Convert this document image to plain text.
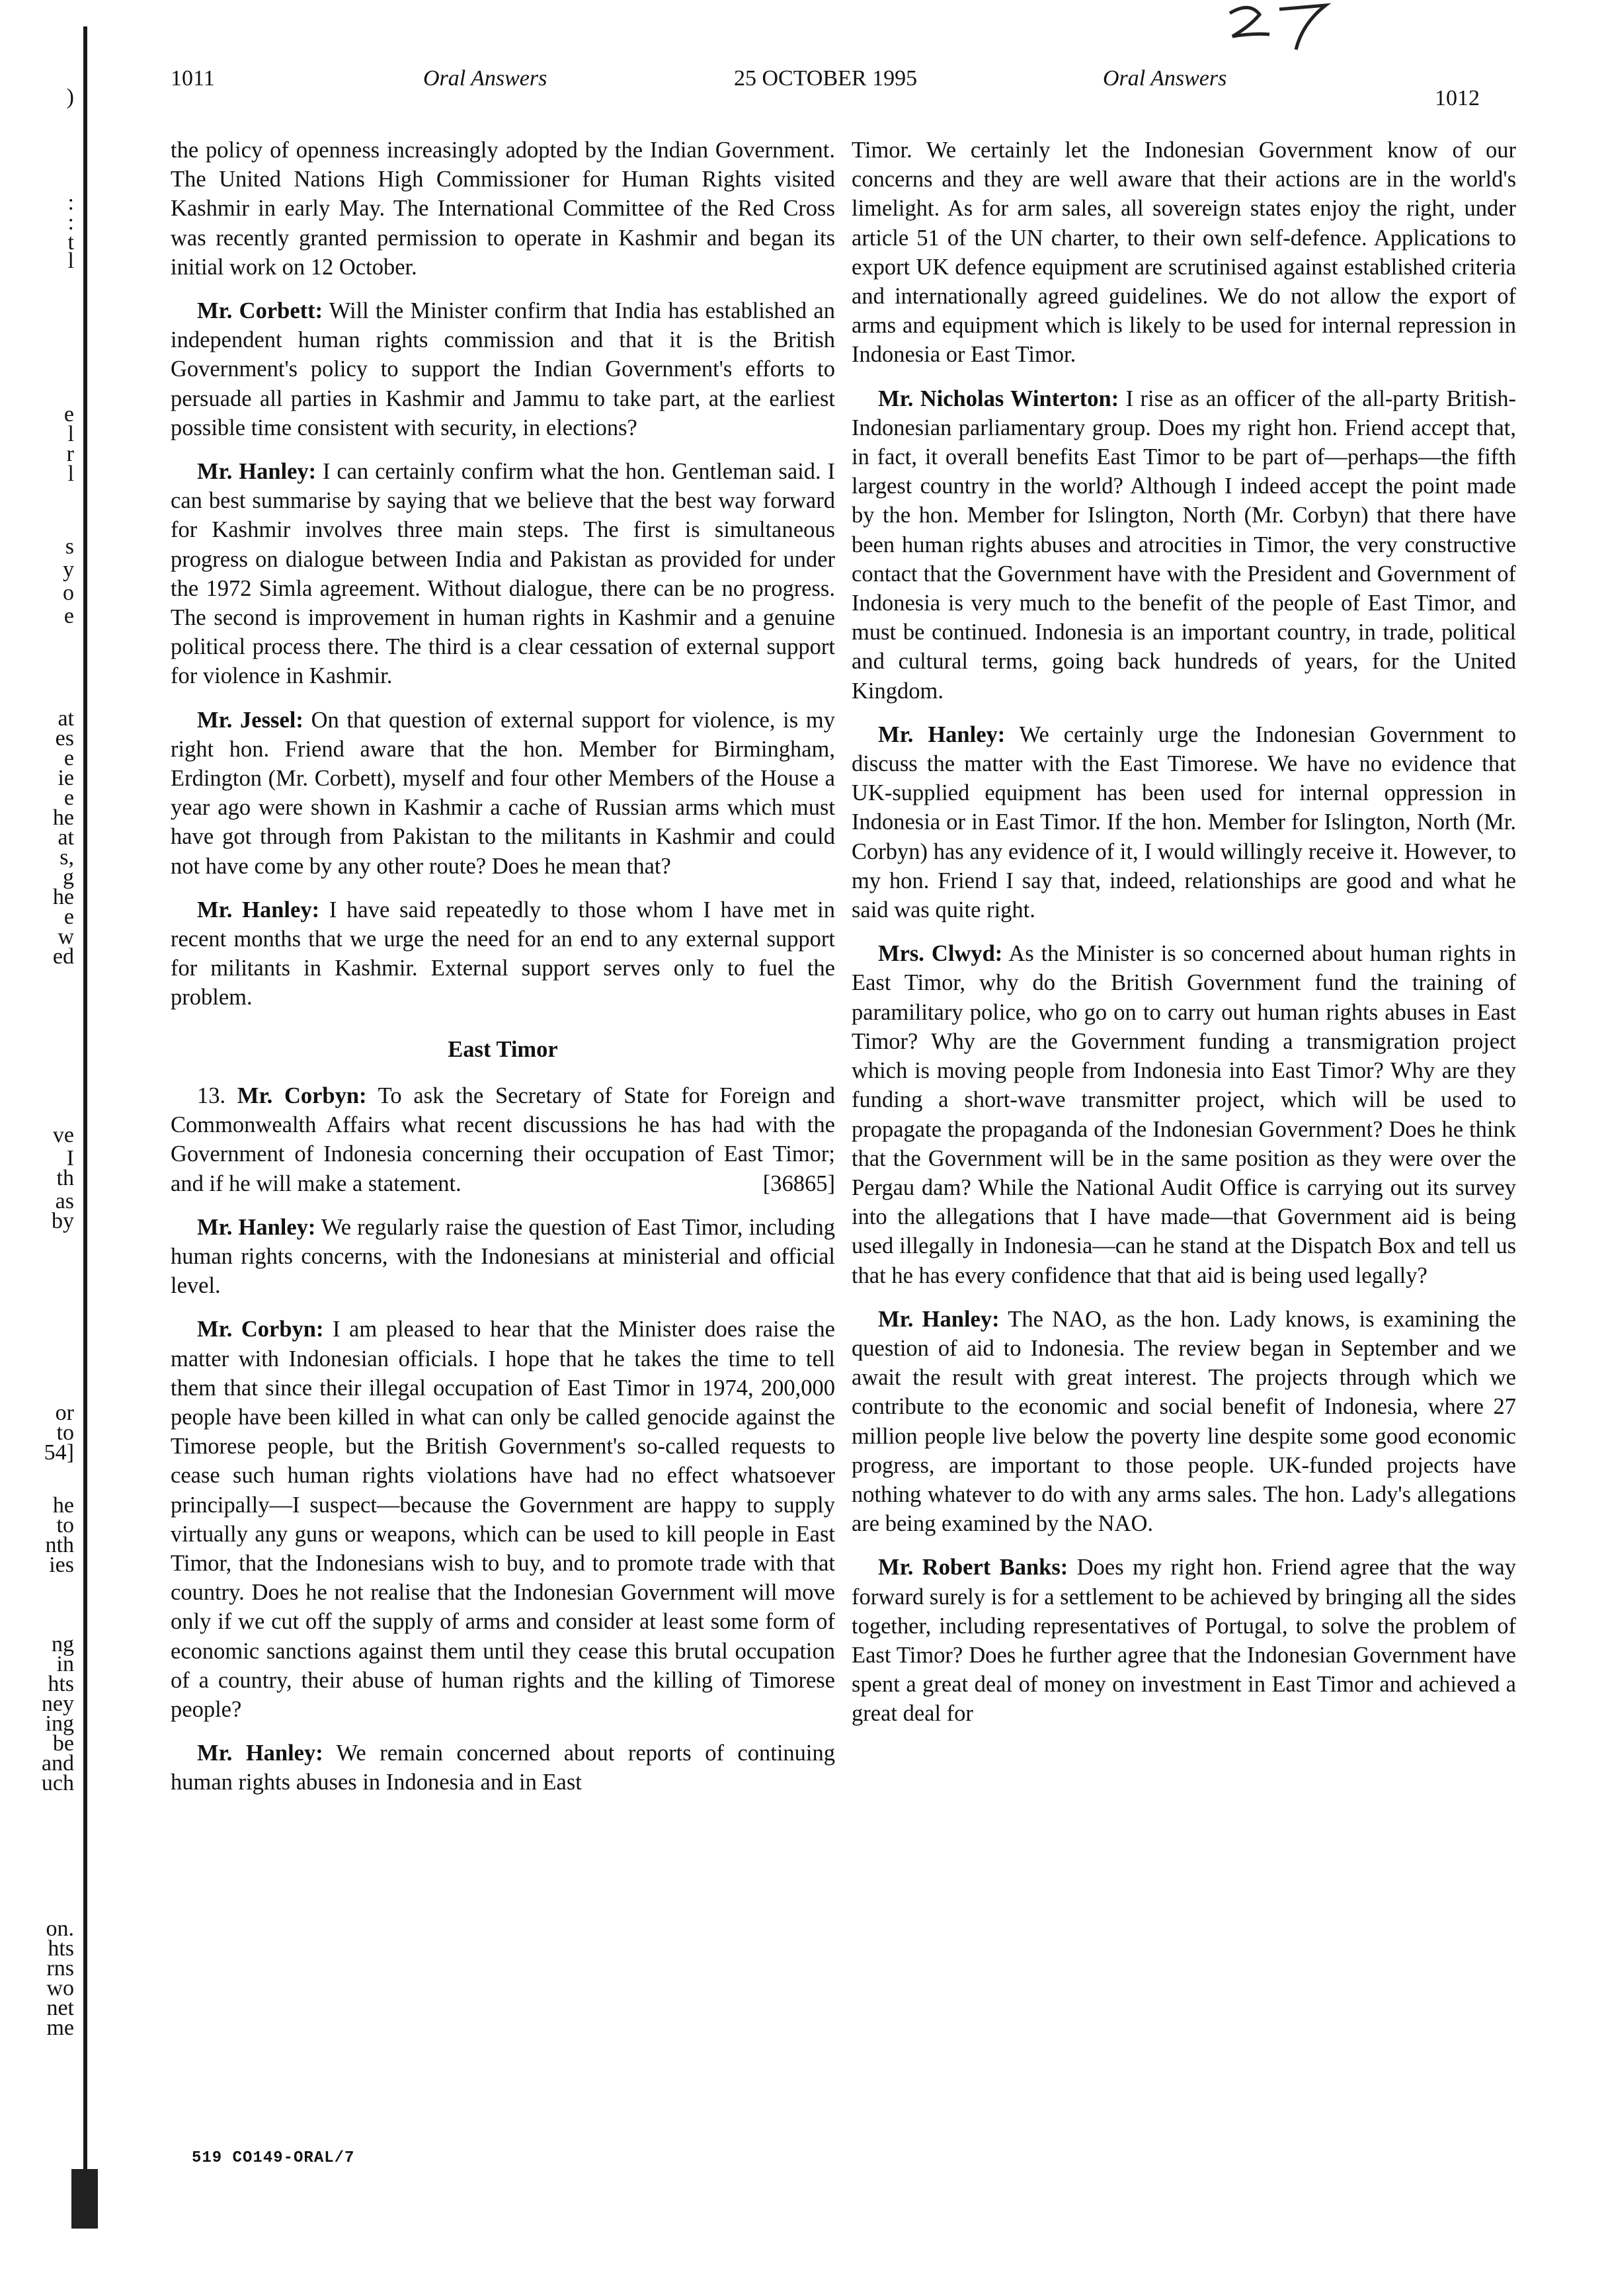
)
:
:
t
l
e
l
r
l
s
y
o
e
at
es
e
ie
e
he
at
s,
g
he
e
w
ed
ve
I
th
as
by
or
to
54]
he
to
nth
ies
ng
in
hts
ney
ing
be
and
uch
on.
hts
rns
wo
net
me
1011	Oral Answers	25 OCTOBER 1995	Oral Answers
1012

the policy of openness increasingly adopted by the Indian Government. The United Nations High Commissioner for Human Rights visited Kashmir in early May. The International Committee of the Red Cross was recently granted permission to operate in Kashmir and began its initial work on 12 October.

Mr. Corbett: Will the Minister confirm that India has established an independent human rights commission and that it is the British Government's policy to support the Indian Government's efforts to persuade all parties in Kashmir and Jammu to take part, at the earliest possible time consistent with security, in elections?

Mr. Hanley: I can certainly confirm what the hon. Gentleman said. I can best summarise by saying that we believe that the best way forward for Kashmir involves three main steps. The first is simultaneous progress on dialogue between India and Pakistan as provided for under the 1972 Simla agreement. Without dialogue, there can be no progress. The second is improvement in human rights in Kashmir and a genuine political process there. The third is a clear cessation of external support for violence in Kashmir.

Mr. Jessel: On that question of external support for violence, is my right hon. Friend aware that the hon. Member for Birmingham, Erdington (Mr. Corbett), myself and four other Members of the House a year ago were shown in Kashmir a cache of Russian arms which must have got through from Pakistan to the militants in Kashmir and could not have come by any other route? Does he mean that?

Mr. Hanley: I have said repeatedly to those whom I have met in recent months that we urge the need for an end to any external support for militants in Kashmir. External support serves only to fuel the problem.

East Timor

13. Mr. Corbyn: To ask the Secretary of State for Foreign and Commonwealth Affairs what recent discussions he has had with the Government of Indonesia concerning their occupation of East Timor; and if he will make a statement.	[36865]

Mr. Hanley: We regularly raise the question of East Timor, including human rights concerns, with the Indonesians at ministerial and official level.

Mr. Corbyn: I am pleased to hear that the Minister does raise the matter with Indonesian officials. I hope that he takes the time to tell them that since their illegal occupation of East Timor in 1974, 200,000 people have been killed in what can only be called genocide against the Timorese people, but the British Government's so-called requests to cease such human rights violations have had no effect whatsoever principally—I suspect—because the Government are happy to supply virtually any guns or weapons, which can be used to kill people in East Timor, that the Indonesians wish to buy, and to promote trade with that country. Does he not realise that the Indonesian Government will move only if we cut off the supply of arms and consider at least some form of economic sanctions against them until they cease this brutal occupation of a country, their abuse of human rights and the killing of Timorese people?

Mr. Hanley: We remain concerned about reports of continuing human rights abuses in Indonesia and in East

Timor. We certainly let the Indonesian Government know of our concerns and they are well aware that their actions are in the world's limelight. As for arm sales, all sovereign states enjoy the right, under article 51 of the UN charter, to their own self-defence. Applications to export UK defence equipment are scrutinised against established criteria and internationally agreed guidelines. We do not allow the export of arms and equipment which is likely to be used for internal repression in Indonesia or East Timor.

Mr. Nicholas Winterton: I rise as an officer of the all-party British-Indonesian parliamentary group. Does my right hon. Friend accept that, in fact, it overall benefits East Timor to be part of—perhaps—the fifth largest country in the world? Although I indeed accept the point made by the hon. Member for Islington, North (Mr. Corbyn) that there have been human rights abuses and atrocities in Timor, the very constructive contact that the Government have with the President and Government of Indonesia is very much to the benefit of the people of East Timor, and must be continued. Indonesia is an important country, in trade, political and cultural terms, going back hundreds of years, for the United Kingdom.

Mr. Hanley: We certainly urge the Indonesian Government to discuss the matter with the East Timorese. We have no evidence that UK-supplied equipment has been used for internal oppression in Indonesia or in East Timor. If the hon. Member for Islington, North (Mr. Corbyn) has any evidence of it, I would willingly receive it. However, to my hon. Friend I say that, indeed, relationships are good and what he said was quite right.

Mrs. Clwyd: As the Minister is so concerned about human rights in East Timor, why do the British Government fund the training of paramilitary police, who go on to carry out human rights abuses in East Timor? Why are the Government funding a transmigration project which is moving people from Indonesia into East Timor? Why are they funding a short-wave transmitter project, which will be used to propagate the propaganda of the Indonesian Government? Does he think that the Government will be in the same position as they were over the Pergau dam? While the National Audit Office is carrying out its survey into the allegations that I have made—that Government aid is being used illegally in Indonesia—can he stand at the Dispatch Box and tell us that he has every confidence that that aid is being used legally?

Mr. Hanley: The NAO, as the hon. Lady knows, is examining the question of aid to Indonesia. The review began in September and we await the result with great interest. The projects through which we contribute to the economic and social benefit of Indonesia, where 27 million people live below the poverty line despite some good economic progress, are important to those people. UK-funded projects have nothing whatever to do with any arms sales. The hon. Lady's allegations are being examined by the NAO.

Mr. Robert Banks: Does my right hon. Friend agree that the way forward surely is for a settlement to be achieved by bringing all the sides together, including representatives of Portugal, to solve the problem of East Timor? Does he further agree that the Indonesian Government have spent a great deal of money on investment in East Timor and achieved a great deal for

519 CO149-ORAL/7
